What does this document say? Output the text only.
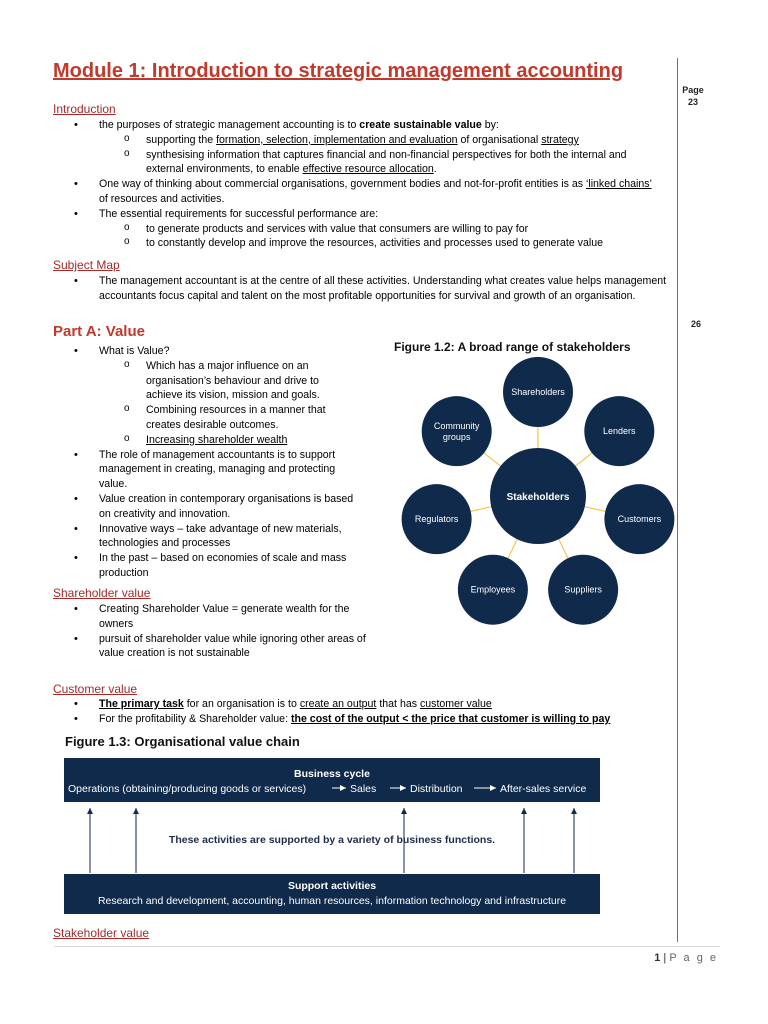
Page
23
26
Module 1: Introduction to strategic management accounting
Introduction
• the purposes of strategic management accounting is to create sustainable value by:
o supporting the formation, selection, implementation and evaluation of organisational strategy
o synthesising information that captures financial and non-financial perspectives for both the internal and external environments, to enable effective resource allocation.
• One way of thinking about commercial organisations, government bodies and not-for-profit entities is as ‘linked chains’ of resources and activities.
• The essential requirements for successful performance are:
o to generate products and services with value that consumers are willing to pay for
o to constantly develop and improve the resources, activities and processes used to generate value
Subject Map
• The management accountant is at the centre of all these activities. Understanding what creates value helps management accountants focus capital and talent on the most profitable opportunities for survival and growth of an organisation.
Part A: Value
• What is Value?
o Which has a major influence on an organisation’s behaviour and drive to achieve its vision, mission and goals.
o Combining resources in a manner that creates desirable outcomes.
o Increasing shareholder wealth
• The role of management accountants is to support management in creating, managing and protecting value.
• Value creation in contemporary organisations is based on creativity and innovation.
• Innovative ways – take advantage of new materials, technologies and processes
• In the past – based on economies of scale and mass production
Figure 1.2: A broad range of stakeholders
Stakeholders
Shareholders
Lenders
Customers
Suppliers
Employees
Regulators
Community
groups
Shareholder value
• Creating Shareholder Value = generate wealth for the owners
• pursuit of shareholder value while ignoring other areas of value creation is not sustainable
Customer value
• The primary task for an organisation is to create an output that has customer value
• For the profitability & Shareholder value: the cost of the output < the price that customer is willing to pay
Figure 1.3: Organisational value chain
Business cycle
Operations (obtaining/producing goods or services)	Sales	Distribution	After-sales service
These activities are supported by a variety of business functions.
Support activities
Research and development, accounting, human resources, information technology and infrastructure
Stakeholder value
1 | P a g e
